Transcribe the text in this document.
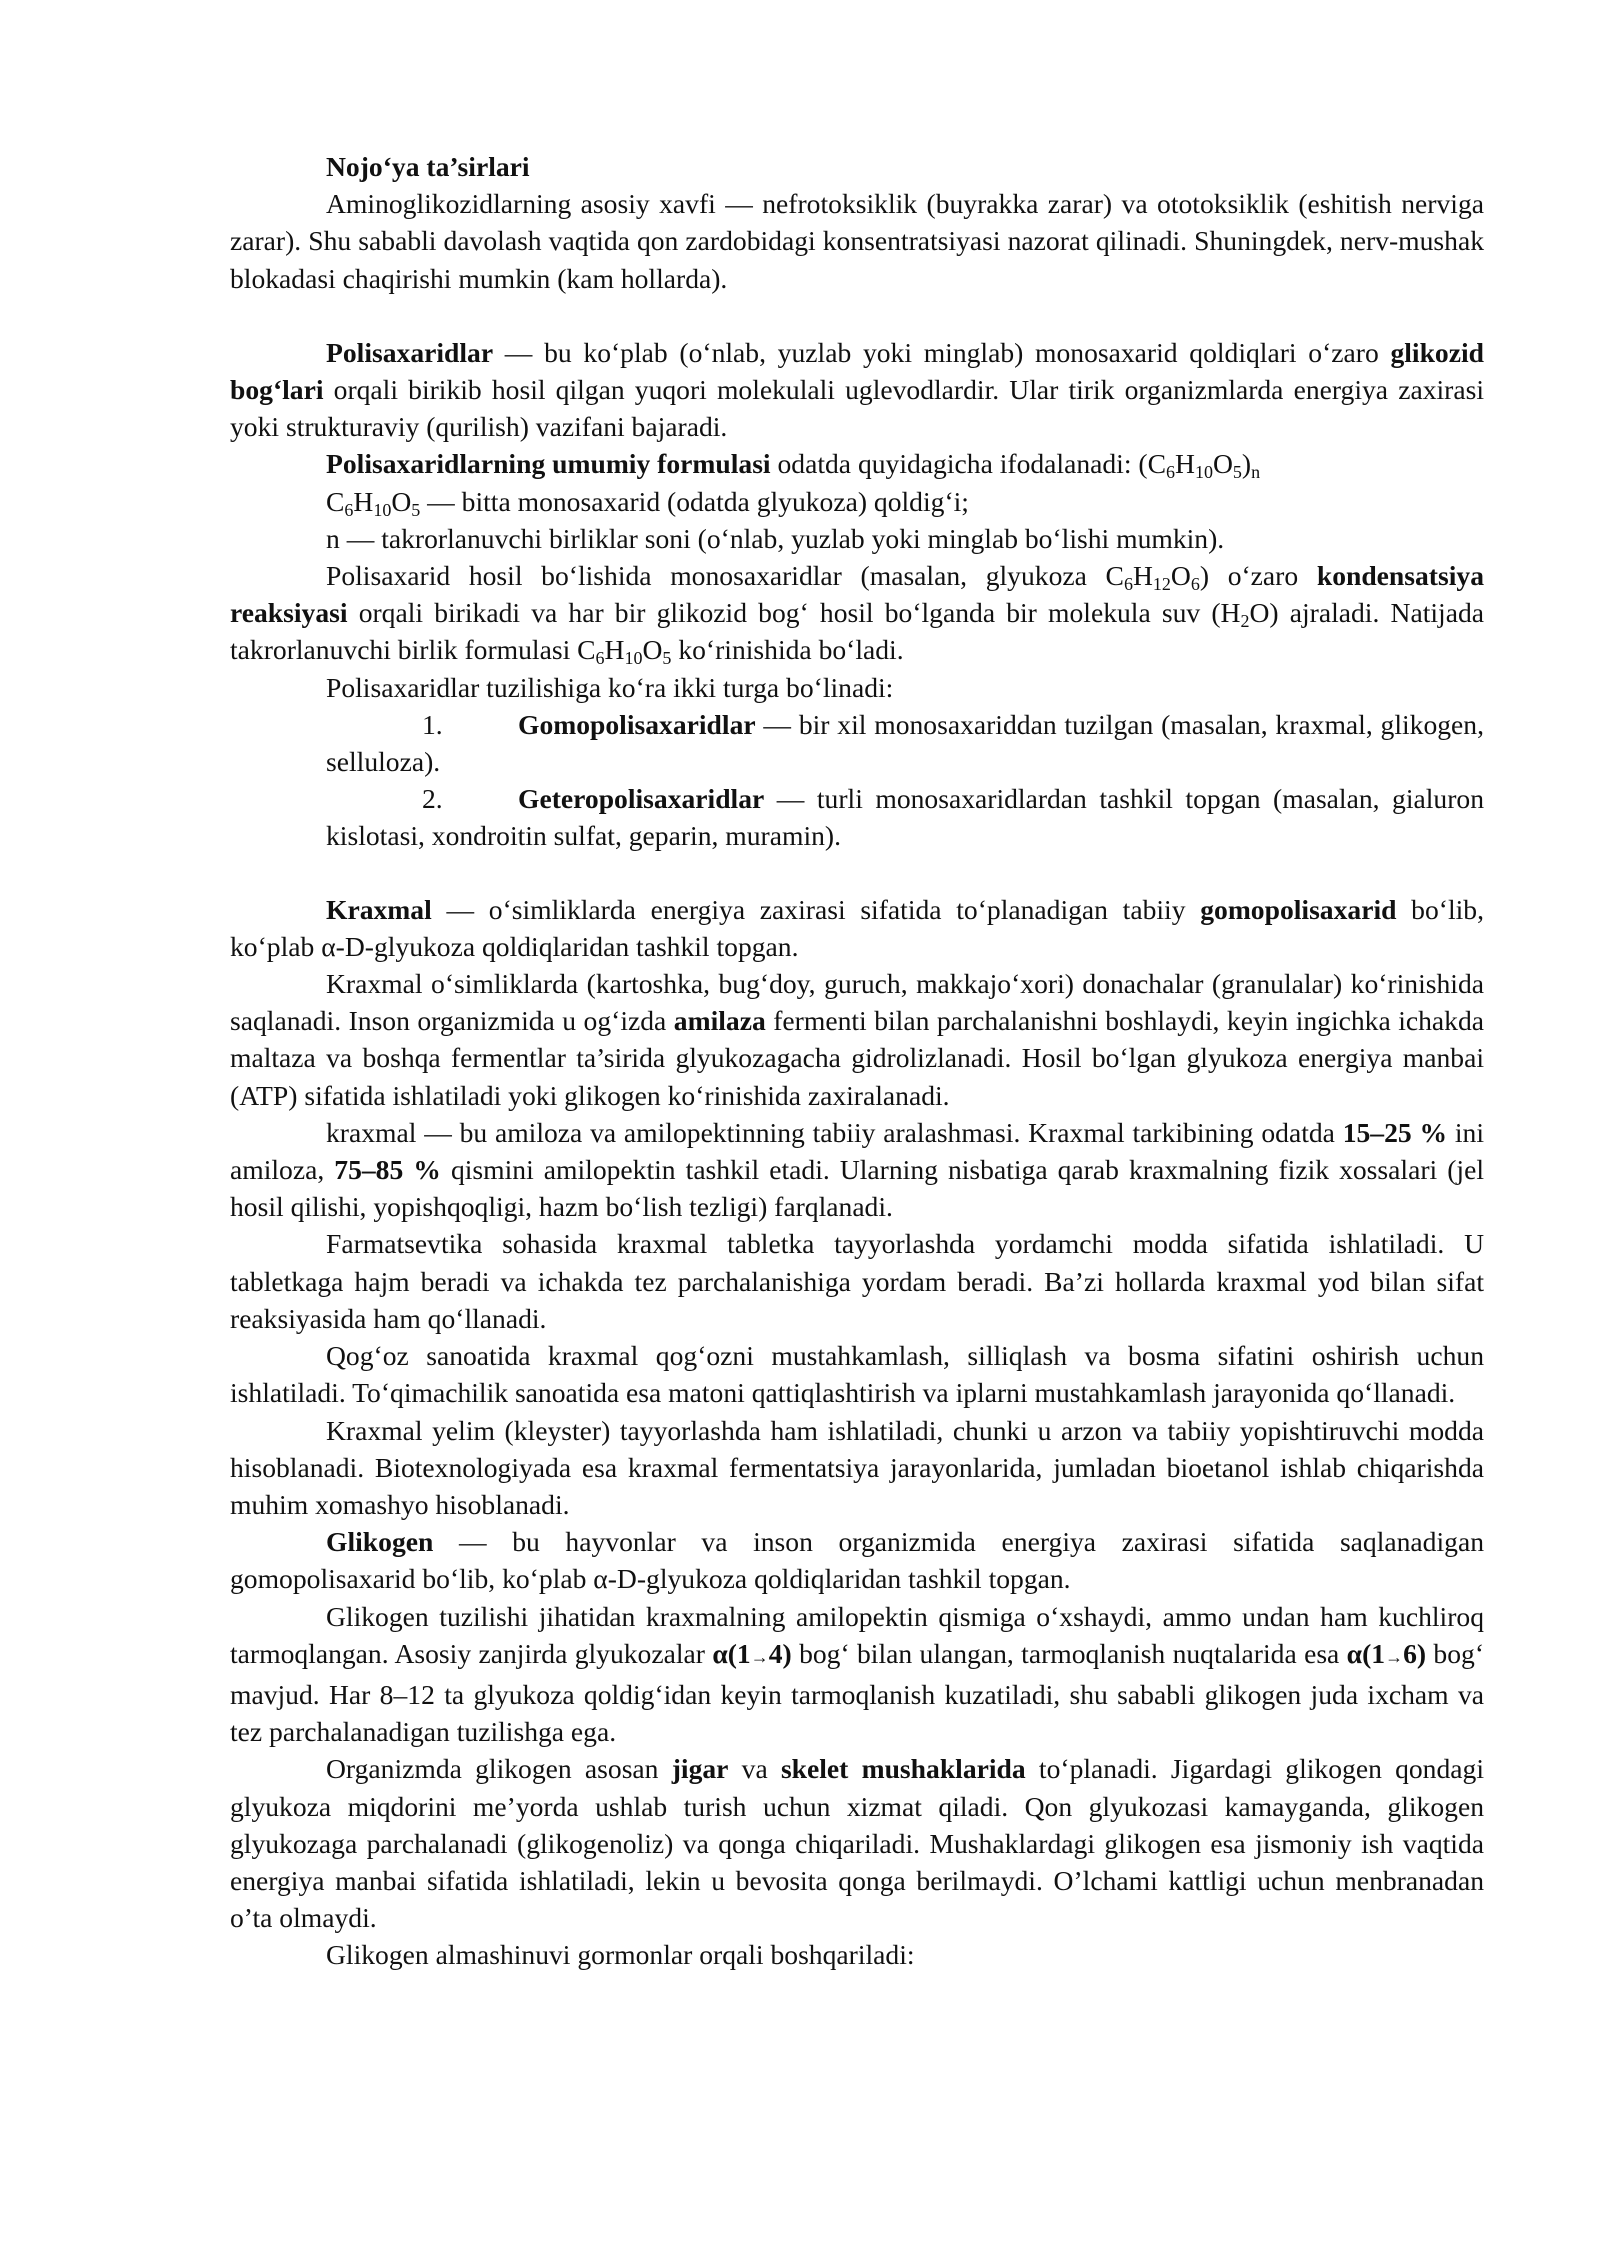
Nojo‘ya ta’sirlari

Aminoglikozidlarning asosiy xavfi — nefrotoksiklik (buyrakka zarar) va ototoksiklik (eshitish nerviga zarar). Shu sababli davolash vaqtida qon zardobidagi konsentratsiyasi nazorat qilinadi. Shuningdek, nerv-mushak blokadasi chaqirishi mumkin (kam hollarda).

Polisaxaridlar — bu ko‘plab (o‘nlab, yuzlab yoki minglab) monosaxarid qoldiqlari o‘zaro glikozid bog‘lari orqali birikib hosil qilgan yuqori molekulali uglevodlardir. Ular tirik organizmlarda energiya zaxirasi yoki strukturaviy (qurilish) vazifani bajaradi.

Polisaxaridlarning umumiy formulasi odatda quyidagicha ifodalanadi: $(C_6H_{10}O_5)_n$

$C_6H_{10}O_5$ — bitta monosaxarid (odatda glyukoza) qoldig‘i;

n — takrorlanuvchi birliklar soni (o‘nlab, yuzlab yoki minglab bo‘lishi mumkin).

Polisaxarid hosil bo‘lishida monosaxaridlar (masalan, glyukoza $C_6H_{12}O_6$) o‘zaro kondensatsiya reaksiyasi orqali birikadi va har bir glikozid bog‘ hosil bo‘lganda bir molekula suv $(H_2O)$ ajraladi. Natijada takrorlanuvchi birlik formulasi $C_6H_{10}O_5$ ko‘rinishida bo‘ladi.

Polisaxaridlar tuzilishiga ko‘ra ikki turga bo‘linadi:

1.	Gomopolisaxaridlar — bir xil monosaxariddan tuzilgan (masalan, kraxmal, glikogen, selluloza).

2.	Geteropolisaxaridlar — turli monosaxaridlardan tashkil topgan (masalan, gialuron kislotasi, xondroitin sulfat, geparin, muramin).

Kraxmal — o‘simliklarda energiya zaxirasi sifatida to‘planadigan tabiiy gomopolisaxarid bo‘lib, ko‘plab α-D-glyukoza qoldiqlaridan tashkil topgan.

Kraxmal o‘simliklarda (kartoshka, bug‘doy, guruch, makkajo‘xori) donachalar (granulalar) ko‘rinishida saqlanadi. Inson organizmida u og‘izda amilaza fermenti bilan parchalanishni boshlaydi, keyin ingichka ichakda maltaza va boshqa fermentlar ta’sirida glyukozagacha gidrolizlanadi. Hosil bo‘lgan glyukoza energiya manbai (ATP) sifatida ishlatiladi yoki glikogen ko‘rinishida zaxiralanadi.

kraxmal — bu amiloza va amilopektinning tabiiy aralashmasi. Kraxmal tarkibining odatda 15–25 % ini amiloza, 75–85 % qismini amilopektin tashkil etadi. Ularning nisbatiga qarab kraxmalning fizik xossalari (jel hosil qilishi, yopishqoqligi, hazm bo‘lish tezligi) farqlanadi.

Farmatsevtika sohasida kraxmal tabletka tayyorlashda yordamchi modda sifatida ishlatiladi. U tabletkaga hajm beradi va ichakda tez parchalanishiga yordam beradi. Ba’zi hollarda kraxmal yod bilan sifat reaksiyasida ham qo‘llanadi.

Qog‘oz sanoatida kraxmal qog‘ozni mustahkamlash, silliqlash va bosma sifatini oshirish uchun ishlatiladi. To‘qimachilik sanoatida esa matoni qattiqlashtirish va iplarni mustahkamlash jarayonida qo‘llanadi.

Kraxmal yelim (kleyster) tayyorlashda ham ishlatiladi, chunki u arzon va tabiiy yopishtiruvchi modda hisoblanadi. Biotexnologiyada esa kraxmal fermentatsiya jarayonlarida, jumladan bioetanol ishlab chiqarishda muhim xomashyo hisoblanadi.

Glikogen — bu hayvonlar va inson organizmida energiya zaxirasi sifatida saqlanadigan gomopolisaxarid bo‘lib, ko‘plab α-D-glyukoza qoldiqlaridan tashkil topgan.

Glikogen tuzilishi jihatidan kraxmalning amilopektin qismiga o‘xshaydi, ammo undan ham kuchliroq tarmoqlangan. Asosiy zanjirda glyukozalar α(1→4) bog‘ bilan ulangan, tarmoqlanish nuqtalarida esa α(1→6) bog‘ mavjud. Har 8–12 ta glyukoza qoldig‘idan keyin tarmoqlanish kuzatiladi, shu sababli glikogen juda ixcham va tez parchalanadigan tuzilishga ega.

Organizmda glikogen asosan jigar va skelet mushaklarida to‘planadi. Jigardagi glikogen qondagi glyukoza miqdorini me’yorda ushlab turish uchun xizmat qiladi. Qon glyukozasi kamayganda, glikogen glyukozaga parchalanadi (glikogenoliz) va qonga chiqariladi. Mushaklardagi glikogen esa jismoniy ish vaqtida energiya manbai sifatida ishlatiladi, lekin u bevosita qonga berilmaydi. O’lchami kattligi uchun menbranadan o’ta olmaydi.

Glikogen almashinuvi gormonlar orqali boshqariladi:
